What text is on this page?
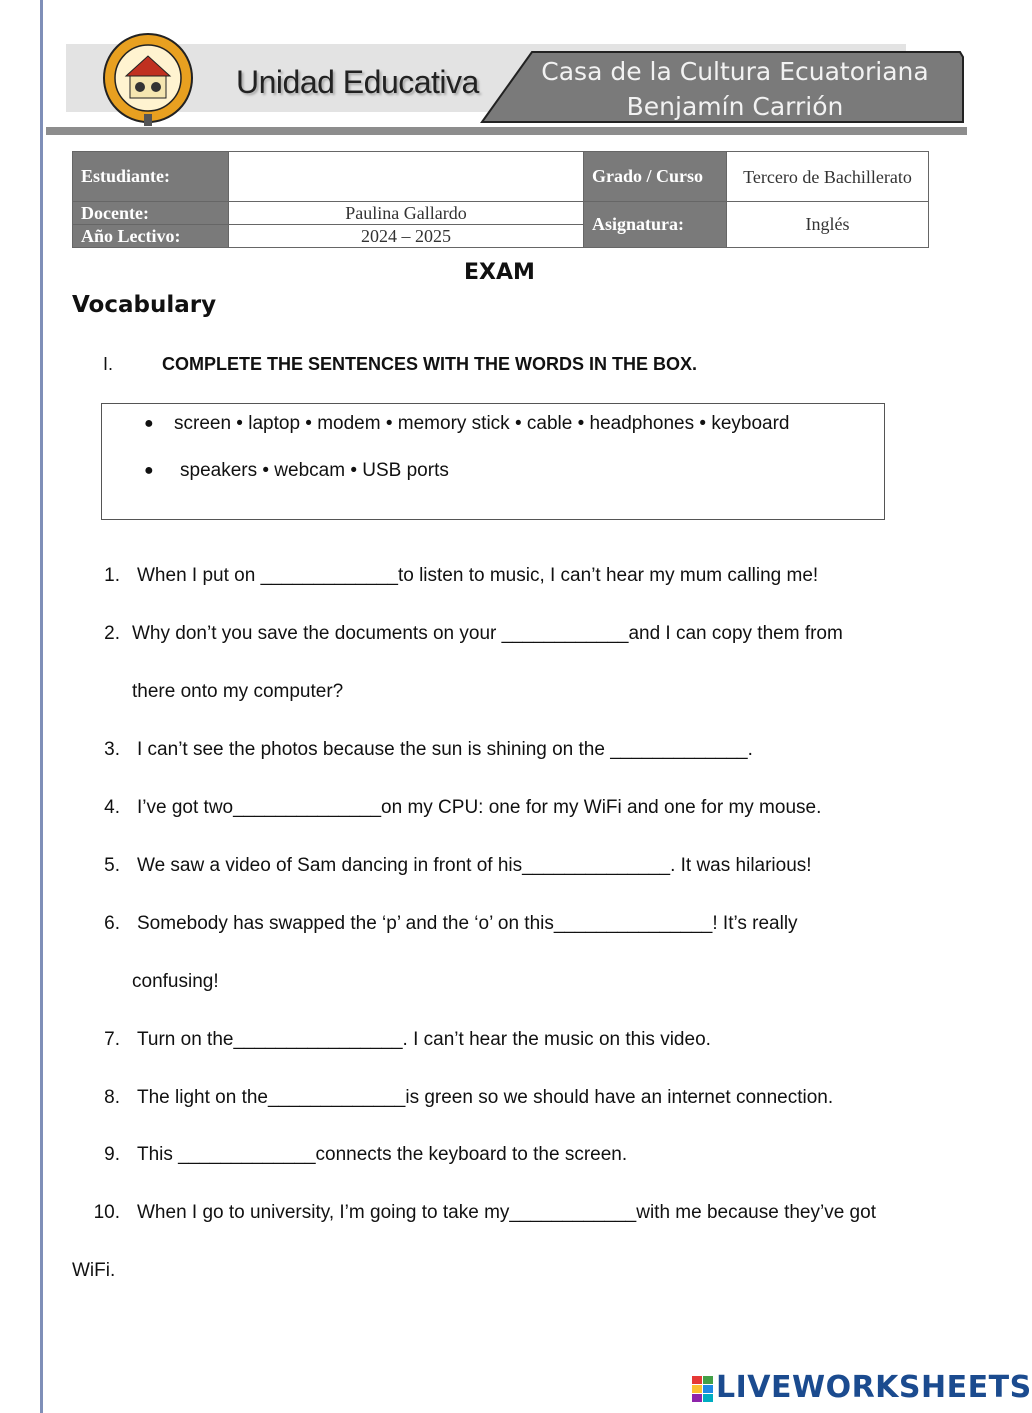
Unidad Educativa	Casa de la Cultura Ecuatoriana
Benjamín Carrión
Estudiante:		Grado / Curso	Tercero de Bachillerato
Docente:	Paulina Gallardo	Asignatura:	Inglés
Año Lectivo:	2024 – 2025		
EXAM
Vocabulary
I.	COMPLETE THE SENTENCES WITH THE WORDS IN THE BOX.
● screen • laptop • modem • memory stick • cable • headphones • keyboard
● speakers • webcam • USB ports
1. When I put on _____________to listen to music, I can’t hear my mum calling me!
2. Why don’t you save the documents on your ____________and I can copy them from
there onto my computer?
3. I can’t see the photos because the sun is shining on the _____________.
4. I’ve got two______________on my CPU: one for my WiFi and one for my mouse.
5. We saw a video of Sam dancing in front of his______________. It was hilarious!
6. Somebody has swapped the ‘p’ and the ‘o’ on this_______________! It’s really
confusing!
7. Turn on the________________. I can’t hear the music on this video.
8. The light on the_____________is green so we should have an internet connection.
9. This _____________connects the keyboard to the screen.
10. When I go to university, I’m going to take my____________with me because they’ve got
WiFi.
LIVEWORKSHEETS
